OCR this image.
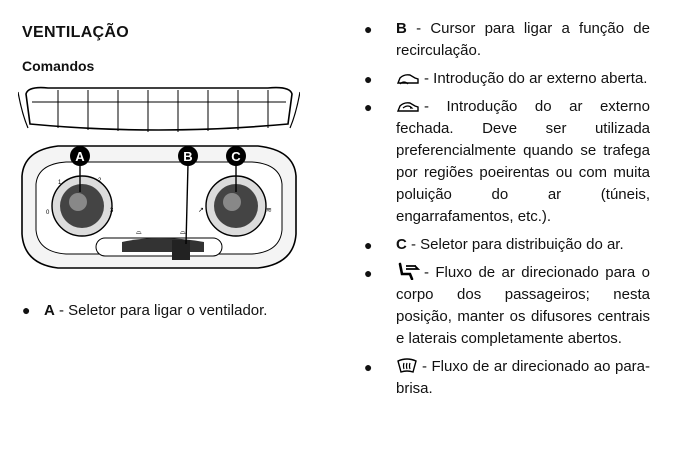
VENTILAÇÃO
Comandos
1	2
3
0	↗	≋
⌓	⌓
A	B	C
● A - Seletor para ligar o ventilador.
● B - Cursor para ligar a função de recirculação.
●	- Introdução do ar externo aberta.
●	- Introdução do ar externo fechada. Deve ser utilizada preferencialmente quando se trafega por regiões poeirentas ou com muita poluição do ar (túneis, engarrafamentos, etc.).
● C - Seletor para distribuição do ar.
●	- Fluxo de ar direcionado para o corpo dos passageiros; nesta posição, manter os difusores centrais e laterais completamente abertos.
●	- Fluxo de ar direcionado ao para-brisa.
